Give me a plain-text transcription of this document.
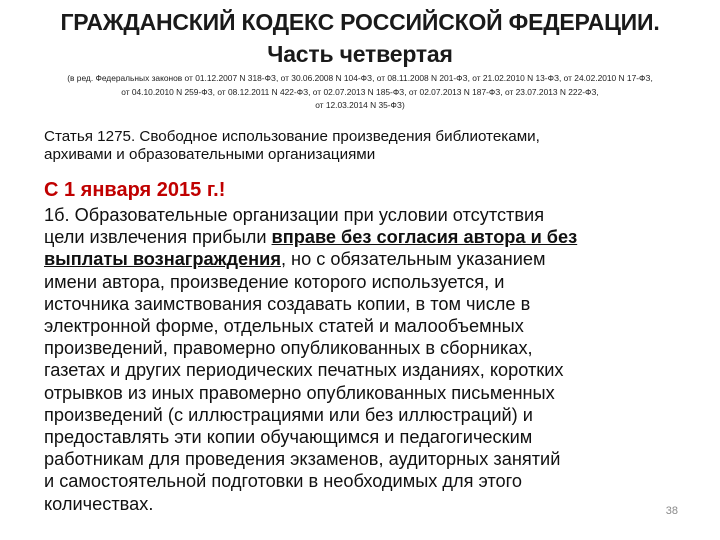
ГРАЖДАНСКИЙ КОДЕКС РОССИЙСКОЙ ФЕДЕРАЦИИ.
Часть четвертая
(в ред. Федеральных законов от 01.12.2007 N 318-ФЗ, от 30.06.2008 N 104-ФЗ, от 08.11.2008 N 201-ФЗ, от 21.02.2010 N 13-ФЗ, от 24.02.2010 N 17-ФЗ,
от 04.10.2010 N 259-ФЗ, от 08.12.2011 N 422-ФЗ, от 02.07.2013 N 185-ФЗ, от 02.07.2013 N 187-ФЗ, от 23.07.2013 N 222-ФЗ,
от 12.03.2014 N 35-ФЗ)
Статья 1275. Свободное использование произведения библиотеками,
архивами и образовательными организациями
С 1 января 2015 г.!
1б. Образовательные организации при условии отсутствия
цели извлечения прибыли вправе без согласия автора и без
выплаты вознаграждения, но с обязательным указанием
имени автора, произведение которого используется, и
источника заимствования создавать копии, в том числе в
электронной форме, отдельных статей и малообъемных
произведений, правомерно опубликованных в сборниках,
газетах и других периодических печатных изданиях, коротких
отрывков из иных правомерно опубликованных письменных
произведений (с иллюстрациями или без иллюстраций) и
предоставлять эти копии обучающимся и педагогическим
работникам для проведения экзаменов, аудиторных занятий
и самостоятельной подготовки в необходимых для этого
количествах.	38
